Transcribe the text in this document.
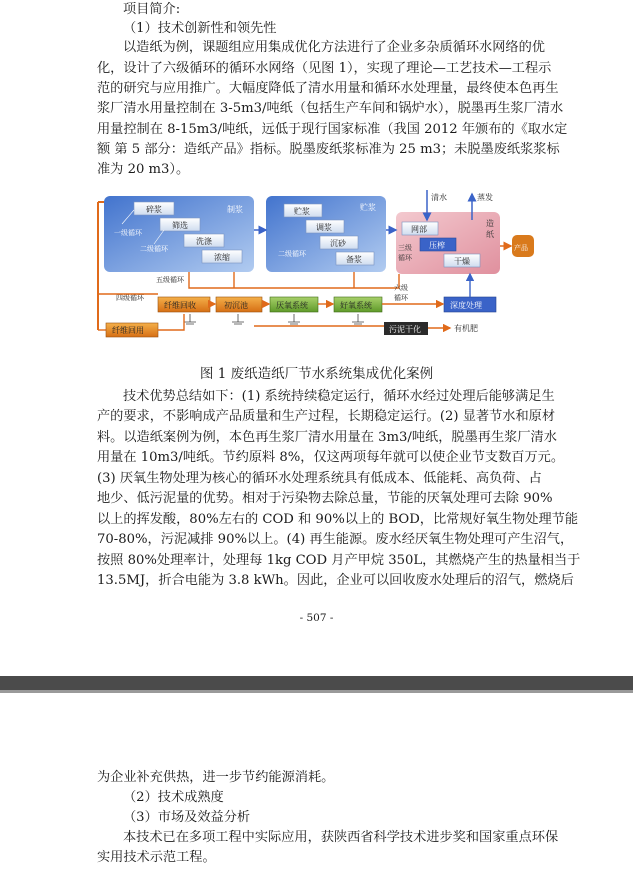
项目简介:
（1）技术创新性和领先性
以造纸为例，课题组应用集成优化方法进行了企业多杂质循环水网络的优
化，设计了六级循环的循环水网络（见图 1），实现了理论—工艺技术—工程示
范的研究与应用推广。大幅度降低了清水用量和循环水处理量，最终使本色再生
浆厂清水用量控制在 3-5m3/吨纸（包括生产车间和锅炉水），脱墨再生浆厂清水
用量控制在 8-15m3/吨纸，远低于现行国家标准（我国 2012 年颁布的《取水定
额 第 5 部分：造纸产品》指标。脱墨废纸浆标准为 25 m3；未脱墨废纸浆浆标
准为 20 m3）。
制浆	贮浆
造
纸
碎浆
筛选
洗涤
浓缩
一级循环
二级循环
贮浆
调浆
沉砂
备浆
二级循环
网部
压榨
干燥
三级
循环
产品
清水	蒸发
五级循环
四级循环
纤维回收	初沉池	厌氧系统	好氧系统	深度处理
六级
循环
污泥干化	有机肥
纤维回用
图 1 废纸造纸厂节水系统集成优化案例
技术优势总结如下：(1) 系统持续稳定运行，循环水经过处理后能够满足生
产的要求，不影响成产品质量和生产过程，长期稳定运行。(2) 显著节水和原材
料。以造纸案例为例，本色再生浆厂清水用量在 3m3/吨纸，脱墨再生浆厂清水
用量在 10m3/吨纸。节约原料 8%，仅这两项每年就可以使企业节支数百万元。
(3) 厌氧生物处理为核心的循环水处理系统具有低成本、低能耗、高负荷、占
地少、低污泥量的优势。相对于污染物去除总量，节能的厌氧处理可去除 90%
以上的挥发酸，80%左右的 COD 和 90%以上的 BOD，比常规好氧生物处理节能
70-80%，污泥减排 90%以上。(4) 再生能源。废水经厌氧生物处理可产生沼气，
按照 80%处理率计，处理每 1kg COD 月产甲烷 350L，其燃烧产生的热量相当于
13.5MJ，折合电能为 3.8 kWh。因此，企业可以回收废水处理后的沼气，燃烧后
- 507 -
为企业补充供热，进一步节约能源消耗。
（2）技术成熟度
（3）市场及效益分析
本技术已在多项工程中实际应用，获陕西省科学技术进步奖和国家重点环保
实用技术示范工程。
